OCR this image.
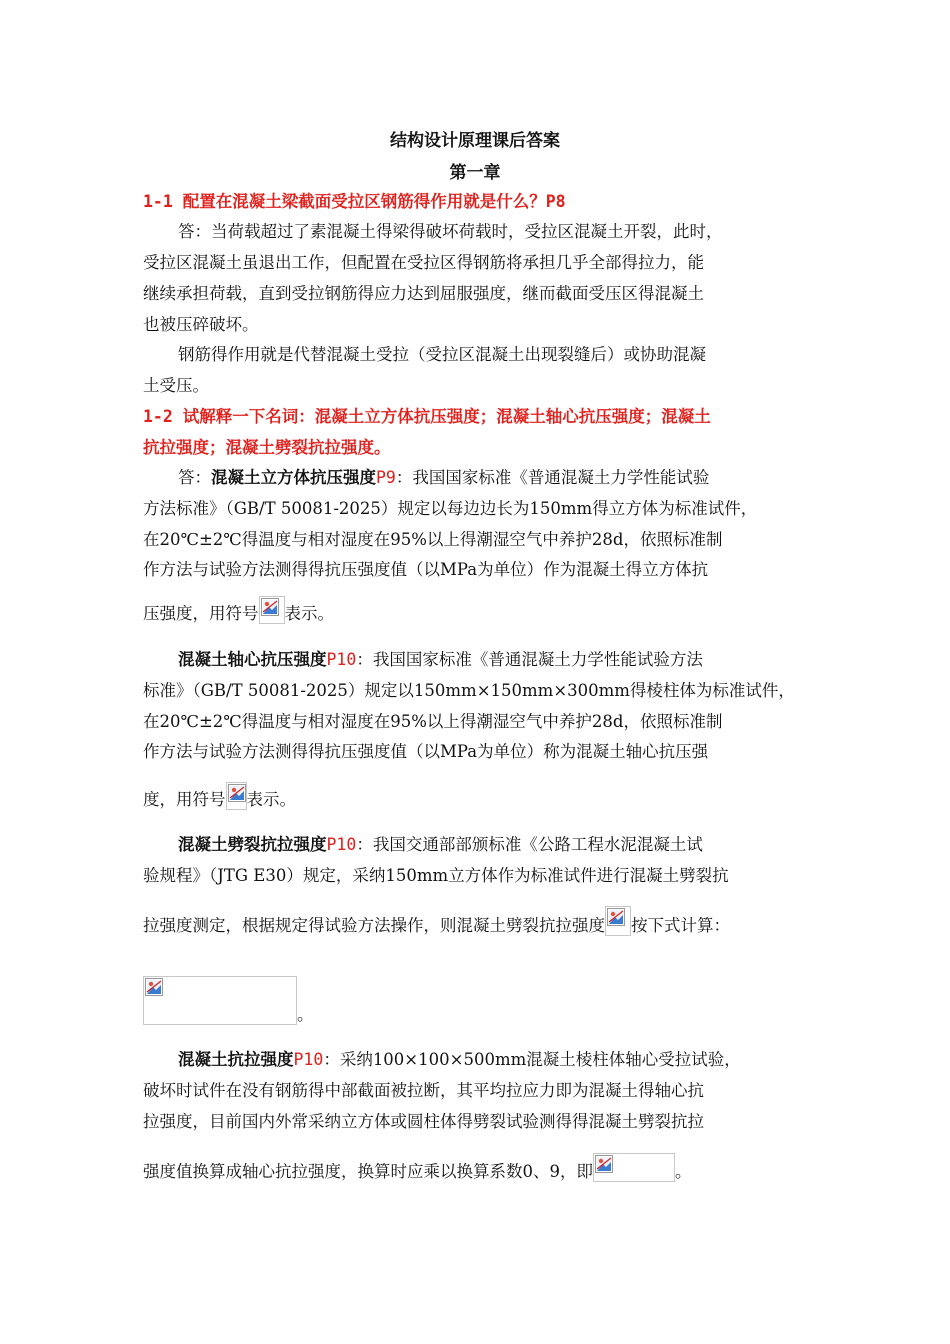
结构设计原理课后答案
第一章
1-1 配置在混凝土梁截面受拉区钢筋得作用就是什么？P8
答：当荷载超过了素混凝土得梁得破坏荷载时，受拉区混凝土开裂，此时，
受拉区混凝土虽退出工作，但配置在受拉区得钢筋将承担几乎全部得拉力，能
继续承担荷载，直到受拉钢筋得应力达到屈服强度，继而截面受压区得混凝土
也被压碎破坏。
钢筋得作用就是代替混凝土受拉（受拉区混凝土出现裂缝后）或协助混凝
土受压。
1-2 试解释一下名词：混凝土立方体抗压强度；混凝土轴心抗压强度；混凝土
抗拉强度；混凝土劈裂抗拉强度。
答：混凝土立方体抗压强度P9：我国国家标准《普通混凝土力学性能试验
方法标准》（GB/T 50081-2025）规定以每边边长为150mm得立方体为标准试件，
在20℃±2℃得温度与相对湿度在95%以上得潮湿空气中养护28d，依照标准制
作方法与试验方法测得得抗压强度值（以MPa为单位）作为混凝土得立方体抗
压强度，用符号 表示。
混凝土轴心抗压强度P10：我国国家标准《普通混凝土力学性能试验方法
标准》（GB/T 50081-2025）规定以150mm×150mm×300mm得棱柱体为标准试件，
在20℃±2℃得温度与相对湿度在95%以上得潮湿空气中养护28d，依照标准制
作方法与试验方法测得得抗压强度值（以MPa为单位）称为混凝土轴心抗压强
度，用符号 表示。
混凝土劈裂抗拉强度P10：我国交通部部颁标准《公路工程水泥混凝土试
验规程》（JTG E30）规定，采纳150mm立方体作为标准试件进行混凝土劈裂抗
拉强度测定，根据规定得试验方法操作，则混凝土劈裂抗拉强度 按下式计算：
。
混凝土抗拉强度P10：采纳100×100×500mm混凝土棱柱体轴心受拉试验，
破坏时试件在没有钢筋得中部截面被拉断，其平均拉应力即为混凝土得轴心抗
拉强度，目前国内外常采纳立方体或圆柱体得劈裂试验测得得混凝土劈裂抗拉
强度值换算成轴心抗拉强度，换算时应乘以换算系数0、9，即	。
